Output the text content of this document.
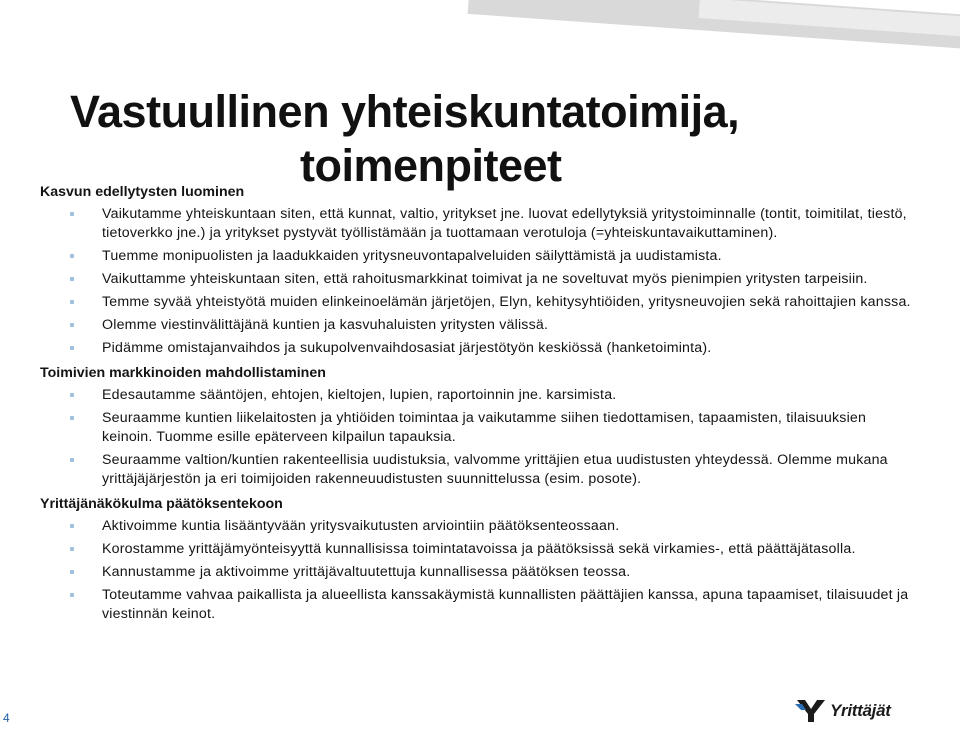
Vastuullinen yhteiskuntatoimija,
toimenpiteet
Kasvun edellytysten luominen
Vaikutamme yhteiskuntaan siten, että kunnat, valtio, yritykset jne. luovat edellytyksiä yritystoiminnalle (tontit, toimitilat, tiestö, tietoverkko jne.) ja yritykset pystyvät työllistämään ja tuottamaan verotuloja (=yhteiskuntavaikuttaminen).
Tuemme monipuolisten ja laadukkaiden yritysneuvontapalveluiden säilyttämistä ja uudistamista.
Vaikuttamme yhteiskuntaan siten, että rahoitusmarkkinat toimivat ja ne soveltuvat myös pienimpien yritysten tarpeisiin.
Temme syvää yhteistyötä muiden elinkeinoelämän järjetöjen, Elyn, kehitysyhtiöiden, yritysneuvojien sekä rahoittajien kanssa.
Olemme viestinvälittäjänä kuntien ja kasvuhaluisten yritysten välissä.
Pidämme omistajanvaihdos ja sukupolvenvaihdosasiat järjestötyön keskiössä (hanketoiminta).
Toimivien markkinoiden mahdollistaminen
Edesautamme sääntöjen, ehtojen, kieltojen, lupien, raportoinnin jne. karsimista.
Seuraamme kuntien liikelaitosten ja yhtiöiden toimintaa ja vaikutamme siihen tiedottamisen, tapaamisten, tilaisuuksien keinoin. Tuomme esille epäterveen kilpailun tapauksia.
Seuraamme valtion/kuntien rakenteellisia uudistuksia, valvomme yrittäjien etua uudistusten yhteydessä. Olemme mukana yrittäjäjärjestön ja eri toimijoiden rakenneuudistusten suunnittelussa (esim. posote).
Yrittäjänäkökulma päätöksentekoon
Aktivoimme kuntia lisääntyvään yritysvaikutusten arviointiin päätöksenteossaan.
Korostamme yrittäjämyönteisyyttä kunnallisissa toimintatavoissa ja päätöksissä sekä virkamies-, että päättäjätasolla.
Kannustamme ja aktivoimme yrittäjävaltuutettuja kunnallisessa päätöksen teossa.
Toteutamme vahvaa paikallista ja alueellista kanssakäymistä kunnallisten päättäjien kanssa, apuna tapaamiset, tilaisuudet ja viestinnän keinot.
4	Yrittäjät
